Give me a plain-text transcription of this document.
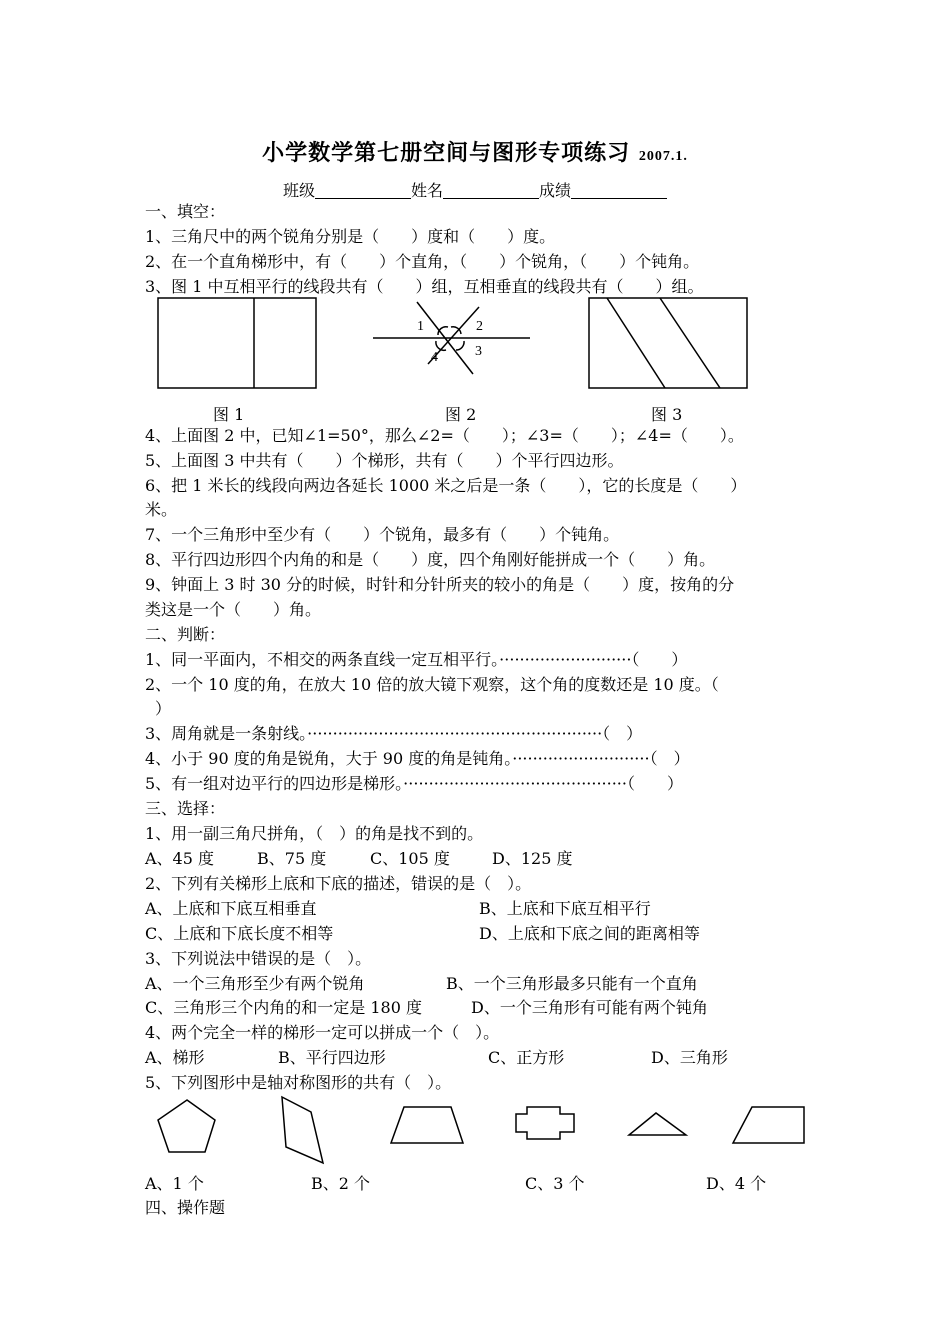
小学数学第七册空间与图形专项练习 2007.1.
班级	姓名	成绩
一、填空：
1、三角尺中的两个锐角分别是（　　）度和（　　）度。
2、在一个直角梯形中，有（　　）个直角，（　　）个锐角，（　　）个钝角。
3、图 1 中互相平行的线段共有（　　）组，互相垂直的线段共有（　　）组。
1	2
3
4
图 1	图 2	图 3
4、上面图 2 中，已知∠1=50°，那么∠2=（　　）；∠3=（　　）；∠4=（　　）。
5、上面图 3 中共有（　　）个梯形，共有（　　）个平行四边形。
6、把 1 米长的线段向两边各延长 1000 米之后是一条（　　），它的长度是（　　）
米。
7、一个三角形中至少有（　　）个锐角，最多有（　　）个钝角。
8、平行四边形四个内角的和是（　　）度，四个角刚好能拼成一个（　　）角。
9、钟面上 3 时 30 分的时候，时针和分针所夹的较小的角是（　　）度，按角的分
类这是一个（　　）角。
二、判断：
1、同一平面内，不相交的两条直线一定互相平行。··························（　　）
2、一个 10 度的角，在放大 10 倍的放大镜下观察，这个角的度数还是 10 度。（
）
3、周角就是一条射线。··························································（　）
4、小于 90 度的角是锐角，大于 90 度的角是钝角。···························（　）
5、有一组对边平行的四边形是梯形。············································（　　）
三、选择：
1、用一副三角尺拼角，（　）的角是找不到的。
A、45 度	B、75 度	C、105 度	D、125 度
2、下列有关梯形上底和下底的描述，错误的是（　）。
A、上底和下底互相垂直	B、上底和下底互相平行
C、上底和下底长度不相等	D、上底和下底之间的距离相等
3、下列说法中错误的是（　）。
A、一个三角形至少有两个锐角	B、一个三角形最多只能有一个直角
C、三角形三个内角的和一定是 180 度	D、一个三角形有可能有两个钝角
4、两个完全一样的梯形一定可以拼成一个（　）。
A、梯形	B、平行四边形	C、正方形	D、三角形
5、下列图形中是轴对称图形的共有（　）。
A、1 个	B、2 个	C、3 个	D、4 个
四、操作题
